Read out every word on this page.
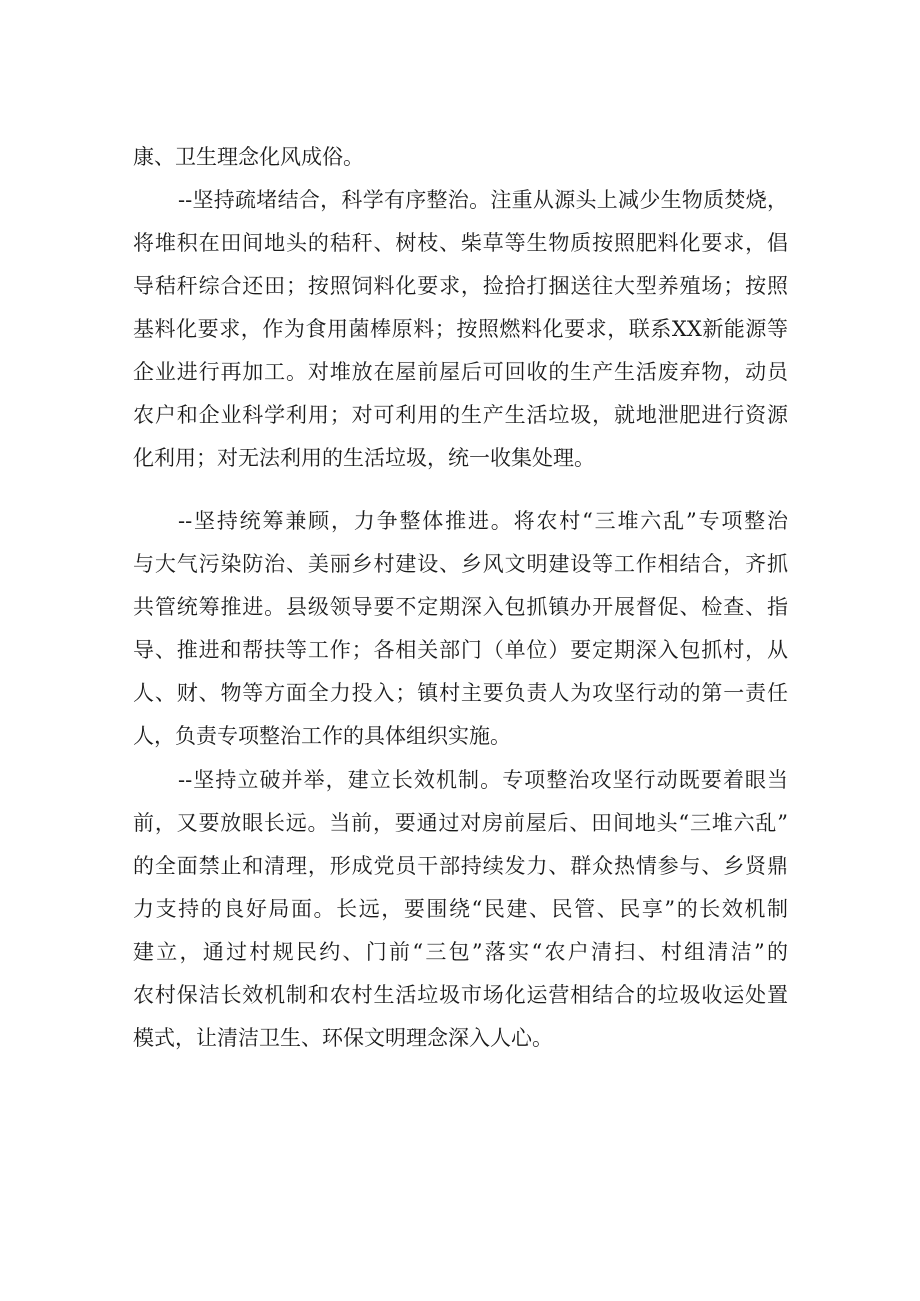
康、卫生理念化风成俗。
--坚持疏堵结合，科学有序整治。注重从源头上减少生物质焚烧，
将堆积在田间地头的秸秆、树枝、柴草等生物质按照肥料化要求，倡
导秸秆综合还田；按照饲料化要求，捡拾打捆送往大型养殖场；按照
基料化要求，作为食用菌棒原料；按照燃料化要求，联系XX新能源等
企业进行再加工。对堆放在屋前屋后可回收的生产生活废弃物，动员
农户和企业科学利用；对可利用的生产生活垃圾，就地泄肥进行资源
化利用；对无法利用的生活垃圾，统一收集处理。
--坚持统筹兼顾，力争整体推进。将农村“三堆六乱”专项整治
与大气污染防治、美丽乡村建设、乡风文明建设等工作相结合，齐抓
共管统筹推进。县级领导要不定期深入包抓镇办开展督促、检查、指
导、推进和帮扶等工作；各相关部门（单位）要定期深入包抓村，从
人、财、物等方面全力投入；镇村主要负责人为攻坚行动的第一责任
人，负责专项整治工作的具体组织实施。
--坚持立破并举，建立长效机制。专项整治攻坚行动既要着眼当
前，又要放眼长远。当前，要通过对房前屋后、田间地头“三堆六乱”
的全面禁止和清理，形成党员干部持续发力、群众热情参与、乡贤鼎
力支持的良好局面。长远，要围绕“民建、民管、民享”的长效机制
建立，通过村规民约、门前“三包”落实“农户清扫、村组清洁”的
农村保洁长效机制和农村生活垃圾市场化运营相结合的垃圾收运处置
模式，让清洁卫生、环保文明理念深入人心。
